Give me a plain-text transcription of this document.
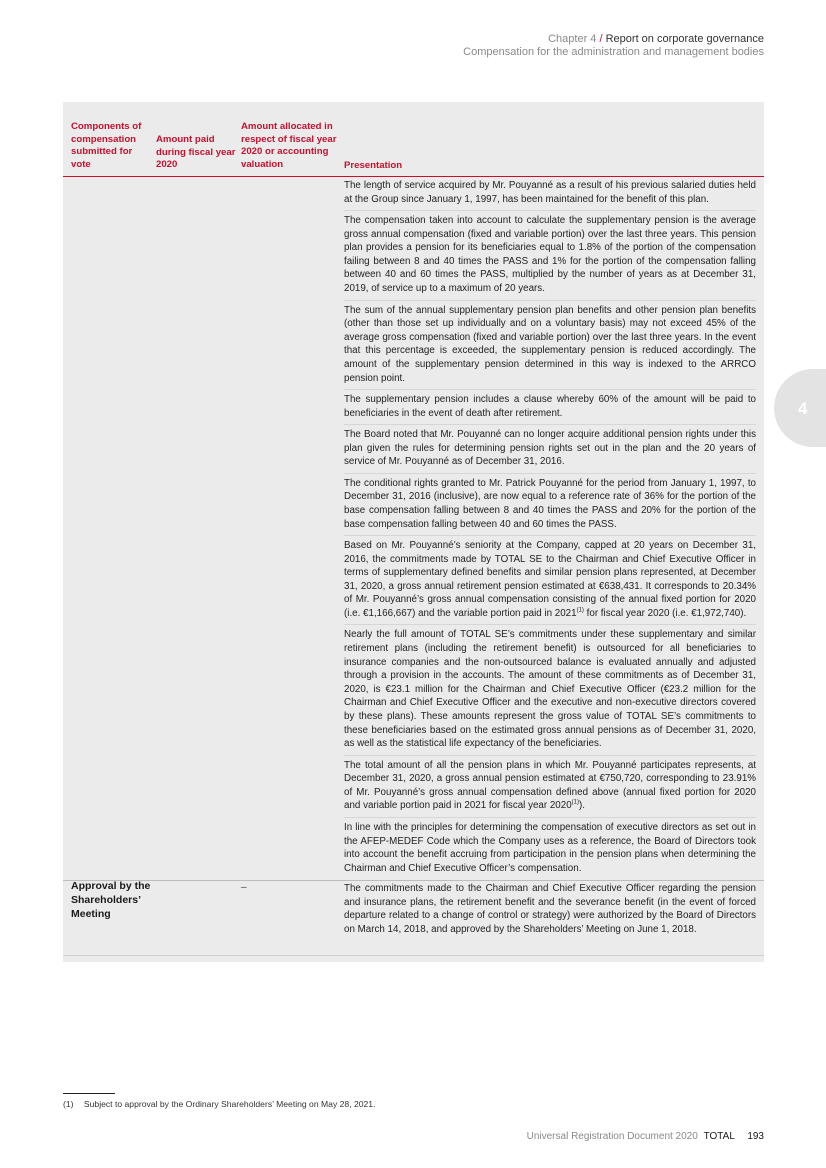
Chapter 4 / Report on corporate governance
Compensation for the administration and management bodies
Components of compensation submitted for vote
Amount paid during fiscal year 2020
Amount allocated in respect of fiscal year 2020 or accounting valuation	Presentation

The length of service acquired by Mr. Pouyanné as a result of his previous salaried duties held at the Group since January 1, 1997, has been maintained for the benefit of this plan.

The compensation taken into account to calculate the supplementary pension is the average gross annual compensation (fixed and variable portion) over the last three years. This pension plan provides a pension for its beneficiaries equal to 1.8% of the portion of the compensation failing between 8 and 40 times the PASS and 1% for the portion of the compensation falling between 40 and 60 times the PASS, multiplied by the number of years as at December 31, 2019, of service up to a maximum of 20 years.

The sum of the annual supplementary pension plan benefits and other pension plan benefits (other than those set up individually and on a voluntary basis) may not exceed 45% of the average gross compensation (fixed and variable portion) over the last three years. In the event that this percentage is exceeded, the supplementary pension is reduced accordingly. The amount of the supplementary pension determined in this way is indexed to the ARRCO pension point.

The supplementary pension includes a clause whereby 60% of the amount will be paid to beneficiaries in the event of death after retirement.

The Board noted that Mr. Pouyanné can no longer acquire additional pension rights under this plan given the rules for determining pension rights set out in the plan and the 20 years of service of Mr. Pouyanné as of December 31, 2016.

The conditional rights granted to Mr. Patrick Pouyanné for the period from January 1, 1997, to December 31, 2016 (inclusive), are now equal to a reference rate of 36% for the portion of the base compensation falling between 8 and 40 times the PASS and 20% for the portion of the base compensation falling between 40 and 60 times the PASS.

Based on Mr. Pouyanné’s seniority at the Company, capped at 20 years on December 31, 2016, the commitments made by TOTAL SE to the Chairman and Chief Executive Officer in terms of supplementary defined benefits and similar pension plans represented, at December 31, 2020, a gross annual retirement pension estimated at €638,431. It corresponds to 20.34% of Mr. Pouyanné’s gross annual compensation consisting of the annual fixed portion for 2020 (i.e. €1,166,667) and the variable portion paid in 2021$^{(1)}$ for fiscal year 2020 (i.e. €1,972,740).

Nearly the full amount of TOTAL SE’s commitments under these supplementary and similar retirement plans (including the retirement benefit) is outsourced for all beneficiaries to insurance companies and the non-outsourced balance is evaluated annually and adjusted through a provision in the accounts. The amount of these commitments as of December 31, 2020, is €23.1 million for the Chairman and Chief Executive Officer (€23.2 million for the Chairman and Chief Executive Officer and the executive and non-executive directors covered by these plans). These amounts represent the gross value of TOTAL SE’s commitments to these beneficiaries based on the estimated gross annual pensions as of December 31, 2020, as well as the statistical life expectancy of the beneficiaries.

The total amount of all the pension plans in which Mr. Pouyanné participates represents, at December 31, 2020, a gross annual pension estimated at €750,720, corresponding to 23.91% of Mr. Pouyanné’s gross annual compensation defined above (annual fixed portion for 2020 and variable portion paid in 2021 for fiscal year 2020$^{(1)}$).

In line with the principles for determining the compensation of executive directors as set out in the AFEP-MEDEF Code which the Company uses as a reference, the Board of Directors took into account the benefit accruing from participation in the pension plans when determining the Chairman and Chief Executive Officer’s compensation.

Approval by the Shareholders’ Meeting
–	The commitments made to the Chairman and Chief Executive Officer regarding the pension and insurance plans, the retirement benefit and the severance benefit (in the event of forced departure related to a change of control or strategy) were authorized by the Board of Directors on March 14, 2018, and approved by the Shareholders’ Meeting on June 1, 2018.
4
(1) Subject to approval by the Ordinary Shareholders’ Meeting on May 28, 2021.
Universal Registration Document 2020 TOTAL 193
